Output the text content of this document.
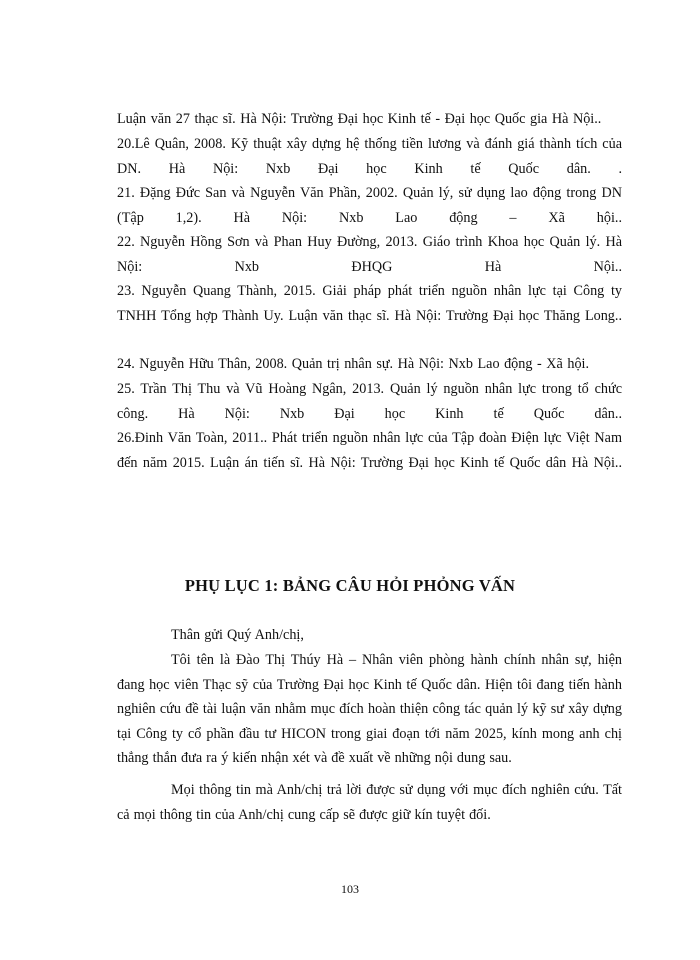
Luận văn 27 thạc sĩ. Hà Nội: Trường Đại học Kinh tế - Đại học Quốc gia Hà Nội..

20.Lê Quân, 2008. Kỹ thuật xây dựng hệ thống tiền lương và đánh giá thành tích của DN. Hà Nội: Nxb Đại học Kinh tế Quốc dân. .

21. Đặng Đức San và Nguyễn Văn Phần, 2002. Quản lý, sử dụng lao động trong DN (Tập 1,2). Hà Nội: Nxb Lao động – Xã hội..

22. Nguyễn Hồng Sơn và Phan Huy Đường, 2013. Giáo trình Khoa học Quản lý. Hà Nội: Nxb ĐHQG Hà Nội..

23. Nguyễn Quang Thành, 2015. Giải pháp phát triển nguồn nhân lực tại Công ty TNHH Tổng hợp Thành Uy. Luận văn thạc sĩ. Hà Nội: Trường Đại học Thăng Long..

24. Nguyễn Hữu Thân, 2008. Quản trị nhân sự. Hà Nội: Nxb Lao động - Xã hội.

25. Trần Thị Thu và Vũ Hoàng Ngân, 2013. Quản lý nguồn nhân lực trong tổ chức công. Hà Nội: Nxb Đại học Kinh tế Quốc dân..

26.Đinh Văn Toàn, 2011.. Phát triển nguồn nhân lực của Tập đoàn Điện lực Việt Nam đến năm 2015. Luận án tiến sĩ. Hà Nội: Trường Đại học Kinh tế Quốc dân Hà Nội..

PHỤ LỤC 1: BẢNG CÂU HỎI PHỎNG VẤN

Thân gửi Quý Anh/chị,

Tôi tên là Đào Thị Thúy Hà – Nhân viên phòng hành chính nhân sự, hiện đang học viên Thạc sỹ của Trường Đại học Kinh tế Quốc dân. Hiện tôi đang tiến hành nghiên cứu đề tài luận văn nhằm mục đích hoàn thiện công tác quản lý kỹ sư xây dựng tại Công ty cổ phần đầu tư HICON trong giai đoạn tới năm 2025, kính mong anh chị thẳng thắn đưa ra ý kiến nhận xét và đề xuất về những nội dung sau.

Mọi thông tin mà Anh/chị trả lời được sử dụng với mục đích nghiên cứu. Tất cả mọi thông tin của Anh/chị cung cấp sẽ được giữ kín tuyệt đối.

103
